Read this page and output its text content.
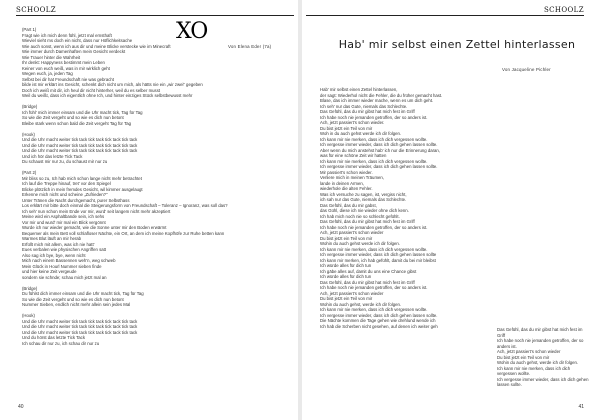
SCHOOLZ
XO
Von Elena Eder (7a)
(Part 1)
Fragt wie ich mich denn fühl, jetzt mal ernsthaft
Wieviel sieht ms doch ein nicht, dass nur Höflichkeitsache
Wie auch sonst, wenn ich aus dir und meine Blicke verstecke wie im Minecraft
Wie immer durch Damenhaften mein Gesicht verdeckt
Wie Trauer hinter die Wahrheit
Ihr denkt: Happyness bestimmt mein Leben
Keiner von euch weiß, was in mir wirklich geht
Wegen euch, ja, jeden Tag
Selbst bei dir hat Freundschaft nie was gebracht
bilde ist mir erklärt ins Gesicht, schenkt dich nicht um mich, als hätts nie ein „wir zwei“ gegeben
Doch ich weiß mit dir, ich heul dir nicht hinterher, weil du es selber musst
Weil du weißt, dass ich eigentlich ohne Ich, und hinter einziges Stück selbstbewusst mehr
(Bridge)
Ich fühl' mich immer einsam und die Uhr macht tick, Tag für Tag
So wie die Zeit vergeht und so wie es dich nun betont
Bleibe stark wenn schon bald die Zeit vergeht Tag für Tag
(Hook)
Und die Uhr macht weiter tick tack tick tack tick tack tick tack
Und die Uhr macht weiter tick tack tick tack tick tack tick tack
Und die Uhr macht weiter tick tack tick tack tick tack tick tack
Und ich hör das letzte Tick Tack
Du schaust mir nur zu, du schaust mir nur zu
(Part 2)
Mir bliss so zu, Ich hab mich schon lange nicht mehr betrachtet
Ich lauf die Treppe hinauf, tret' vor den Spiegel
Blicke plötzlich in mein fremdes Gesicht, wil kimmer ausgelaugt
Erkenne mich nicht und scheine „Zufrieden?“
Unter Tränen die Nacht durchgemacht, purer Selbsthass
Los erklärt mir bitte doch einmal die Steigerungsform von Freundschaft – Toleranz – Ignoranz, was soll das?
Ich seh' nun schon mein Ende vor mir, wurd' seit langem nicht mehr akzeptiert
Meine wird ein Asphaltbande sein, ich sehs
Vor mir und wurd' mir mal ein Blick vergönnt
Wurde ich nur wieder gemacht, wie die Sonne unter mir den Boden erwärmt
Bequemer als mein Bett voll schlafloser Nächte, ein Ort, an dem ich meine Kopfhöfe zur Ruhe betten kann
Warmes Blut läuft an mir herab
Erfüllt mich mit allem, was ich nie hatt'
Eues verbalen wie physischen Angriffen satt
Also sag ich bye, bye, wenn nicht
Mich nach einem Bassennen weh'n, weg schweb
Mein Glück in Hourl Nummer sieben finde
und hier keine Zeit vergeude
sondern sie schnde; schau mich jetzt mal an
(Bridge)
Du fühlst dich immer einsam und die Uhr macht tick, Tag für Tag
So wie die Zeit vergeht und so wie es dich nun betont
Nummer Sieben, endlich nicht mehr allein sein jedes Mal
(Hook)
Und die Uhr macht weiter tick tack tick tack tick tack tick tack
Und die Uhr macht weiter tick tack tick tack tick tack tick tack
Und die Uhr macht weiter tick tack tick tack tick tack tick tack
Und du hörst das letzte Tick Tack
Ich schau dir nur zu, ich schau dir nur zu
40
SCHOOLZ
Hab' mir selbst einen Zettel hinterlassen
Von Jacqueline Pichler
Hab' mir selbst einen Zettel hinterlassen,
der sagt: Wiederhol nicht die Fehler, die du früher gemacht hast.
Blase, das ich immer wieder mache, wenn es um dich geht.
Ich seh' nur das Gute, niemals das Schlechte.
Das Gefühl, das du mir gibst hat mich fest im Griff
Ich habe noch nie jemanden getroffen, der so anders ist.
Ach, jetzt passiert's schon wieder.
Du bist jetzt ein Teil von mir
Woh in du auch gehst werde ich dir folgen.
Ich kann mir nie merken, dass ich dich vergessen wollte.
Ich vergesse immer wieder, dass ich dich gehen lassen sollte.
Aber wenn du mich anstehst hab' ich nur die Erinnerung daran,
was für eine schöne Zeit wir hatten
Ich kann mir nie merken, dass ich dich vergessen wollte.
Ich vergesse immer wieder, dass ich dich gehen lassen sollte.
Mir passiert's schon wieder.
Verliere mich in meinen Träumen,
lande in deinen Armen,
wiederhole die alten Fehler.
Was ich versuche zu sagen, ist, vergiss nicht,
ich sah nur das Gute, niemals das Schlechte.
Das Gefühl, das du mir gabst,
das Gühl, diese ich nie wieder ohne dich kenn.
Ich hab mich noch nie so schlecht gefühlt.
Das Gefühl, das du mir gibst hat mich fest im Griff
Ich habe noch nie jemanden getroffen, der so anders ist.
Ach, jetzt passiert's schon wieder
Du bist jetzt ein Teil von mir
Wohin du auch gehst werde ich dir folgen.
Ich kann mir nie merken, dass ich dich vergessen wollte.
Ich vergesse immer wieder, dass ich dich gehen lassen sollte
Ich kann mir merken, ich hab gefühlt, damit du bei mir bleibst
Ich würde alles für dich tun
Ich gäbe alles auf, damit du uns eine Chance gibst
Ich würde alles für dich tun
Das Gefühl, das du mir gibst hat mich fest im Griff
Ich habe noch nie jemanden getroffen, der so anders ist.
Ach, jetzt passiert's schon wieder
Du bist jetzt ein Teil von mir
Wohin du auch gehst, werde ich dir folgen.
Ich kann mir nie merken, dass ich dich vergessen wollte.
Ich vergesse immer wieder, dass ich dich gehen lassen sollte.
Die Nächte kommen die Tage gehen wie drehlund wende ich
Ich hab die Scherben nicht gesehen, auf denen ich weiter geh
Das Gefühl, das du mir gibst hat mich fest im
Griff
Ich habe noch nie jemanden getroffen, der so
anders ist.
Ach, jetzt passiert's schon wieder
Du bist jetzt ein Teil von mir
Wohin du auch gehst, werde ich dir folgen.
Ich kann mir nie merken, dass ich dich
vergessen wollte.
Ich vergesse immer wieder, dass ich dich gehen
lassen sollte.
41
